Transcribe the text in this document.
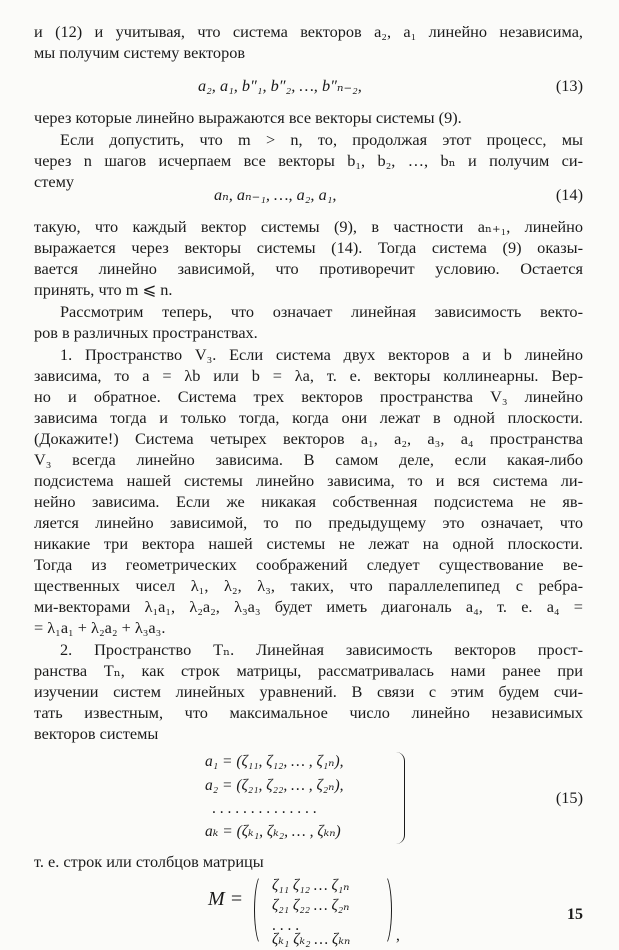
и (12) и учитывая, что система векторов a₂, a₁ линейно независима,
мы получим систему векторов
a₂, a₁, b″₁, b″₂, …, b″ₙ₋₂,	(13)
через которые линейно выражаются все векторы системы (9).
Если допустить, что m > n, то, продолжая этот процесс, мы
через n шагов исчерпаем все векторы b₁, b₂, …, bₙ и получим си-
стему
aₙ, aₙ₋₁, …, a₂, a₁,	(14)
такую, что каждый вектор системы (9), в частности aₙ₊₁, линейно
выражается через векторы системы (14). Тогда система (9) оказы-
вается линейно зависимой, что противоречит условию. Остается
принять, что m ⩽ n.
Рассмотрим теперь, что означает линейная зависимость векто-
ров в различных пространствах.
1. Пространство V₃. Если система двух векторов a и b линейно
зависима, то a = λb или b = λa, т. е. векторы коллинеарны. Вер-
но и обратное. Система трех векторов пространства V₃ линейно
зависима тогда и только тогда, когда они лежат в одной плоскости.
(Докажите!) Система четырех векторов a₁, a₂, a₃, a₄ пространства
V₃ всегда линейно зависима. В самом деле, если какая-либо
подсистема нашей системы линейно зависима, то и вся система ли-
нейно зависима. Если же никакая собственная подсистема не яв-
ляется линейно зависимой, то по предыдущему это означает, что
никакие три вектора нашей системы не лежат на одной плоскости.
Тогда из геометрических соображений следует существование ве-
щественных чисел λ₁, λ₂, λ₃, таких, что параллелепипед с ребра-
ми-векторами λ₁a₁, λ₂a₂, λ₃a₃ будет иметь диагональ a₄, т. е. a₄ =
= λ₁a₁ + λ₂a₂ + λ₃a₃.
2. Пространство Tₙ. Линейная зависимость векторов прост-
ранства Tₙ, как строк матрицы, рассматривалась нами ранее при
изучении систем линейных уравнений. В связи с этим будем счи-
тать известным, что максимальное число линейно независимых
векторов системы
a₁ = (ζ₁₁, ζ₁₂, … , ζ₁ₙ),
a₂ = (ζ₂₁, ζ₂₂, … , ζ₂ₙ),
. . . . . . . . . . . . . .
aₖ = (ζₖ₁, ζₖ₂, … , ζₖₙ)
(15)
т. е. строк или столбцов матрицы
M =
ζ₁₁ ζ₁₂ … ζ₁ₙ
ζ₂₁ ζ₂₂ … ζ₂ₙ
. . . .
ζₖ₁ ζₖ₂ … ζₖₙ	,
15
